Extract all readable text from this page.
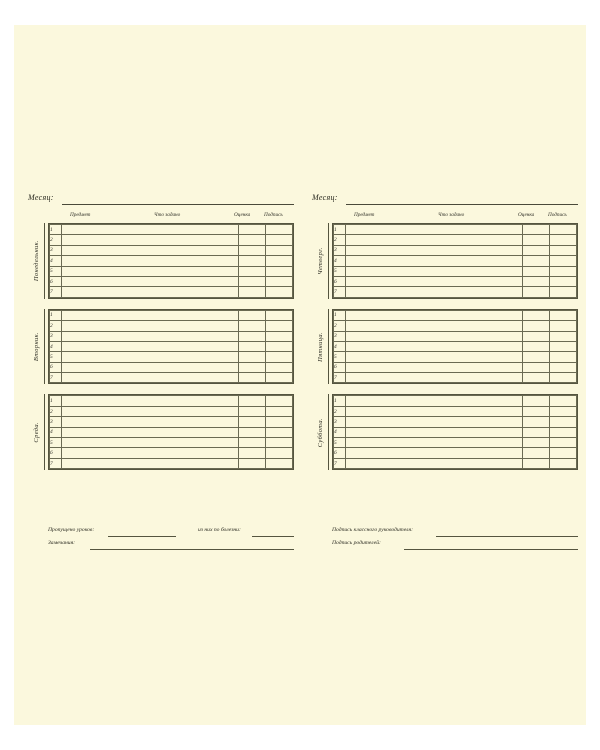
Месяц:
Предмет	Что задано	Оценка	Подпись
Понедельник.
1			
2			
3			
4			
5			
6			
7			
Вторник.
1			
2			
3			
4			
5			
6			
7			
Среда.
1			
2			
3			
4			
5			
6			
7			
Пропущено уроков:	из них по болезни:
Замечания:
Месяц:
Предмет	Что задано	Оценка	Подпись
Четверг.
1			
2			
3			
4			
5			
6			
7			
Пятница.
1			
2			
3			
4			
5			
6			
7			
Суббота.
1			
2			
3			
4			
5			
6			
7			
Подпись классного руководителя:
Подпись родителей:
